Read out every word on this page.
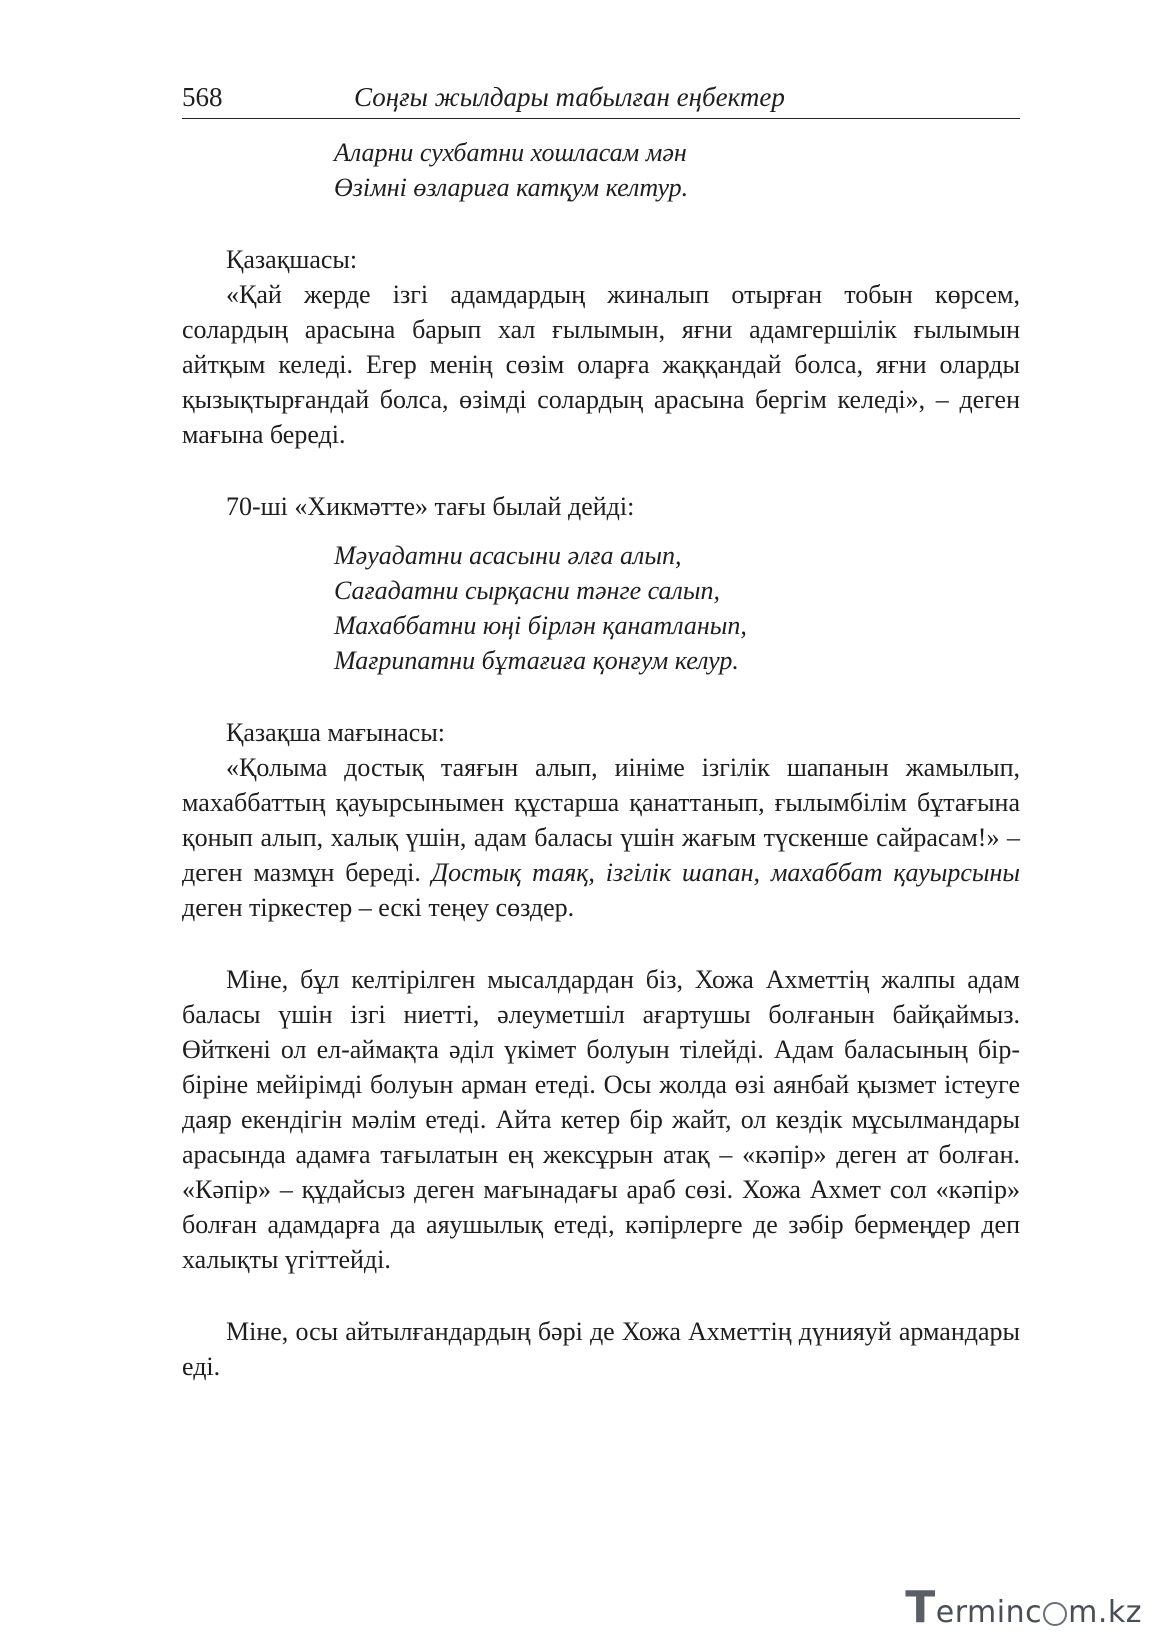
568	Соңғы жылдары табылған еңбектер
Аларни сухбатни хошласам мән
Өзімні өзлариға катқум келтур.
Қазақшасы:

«Қай жерде ізгі адамдардың жиналып отырған тобын көрсем, солардың арасына барып хал ғылымын, яғни адамгершілік ғылымын айтқым келеді. Егер менің сөзім оларға жаққандай болса, яғни оларды қызықтырғандай болса, өзімді солардың арасына бергім келеді», – деген мағына береді.

70-ші «Хикмәтте» тағы былай дейді:
Мәуадатни асасыни әлға алып,
Сағадатни сырқасни тәнге салып,
Махаббатни юңі бірлән қанатланып,
Мағрипатни бұтағиға қонғум келур.
Қазақша мағынасы:

«Қолыма достық таяғын алып, иініме ізгілік шапанын жамылып, махаббаттың қауырсынымен құстарша қанаттанып, ғылымбілім бұтағына қонып алып, халық үшін, адам баласы үшін жағым түскенше сайрасам!» – деген мазмұн береді. Достық таяқ, ізгілік шапан, махаббат қауырсыны деген тіркестер – ескі теңеу сөздер.

Міне, бұл келтірілген мысалдардан біз, Хожа Ахметтің жалпы адам баласы үшін ізгі ниетті, әлеуметшіл ағартушы болғанын байқаймыз. Өйткені ол ел-аймақта әділ үкімет болуын тілейді. Адам баласының бір-біріне мейірімді болуын арман етеді. Осы жолда өзі аянбай қызмет істеуге даяр екендігін мәлім етеді. Айта кетер бір жайт, ол кездік мұсылмандары арасында адамға тағылатын ең жексұрын атақ – «кәпір» деген ат болған. «Кәпір» – құдайсыз деген мағынадағы араб сөзі. Хожа Ахмет сол «кәпір» болған адамдарға да аяушылық етеді, кәпірлерге де зәбір бермеңдер деп халықты үгіттейді.

Міне, осы айтылғандардың бәрі де Хожа Ахметтің дүнияуй армандары еді.

Terminc m.kz
